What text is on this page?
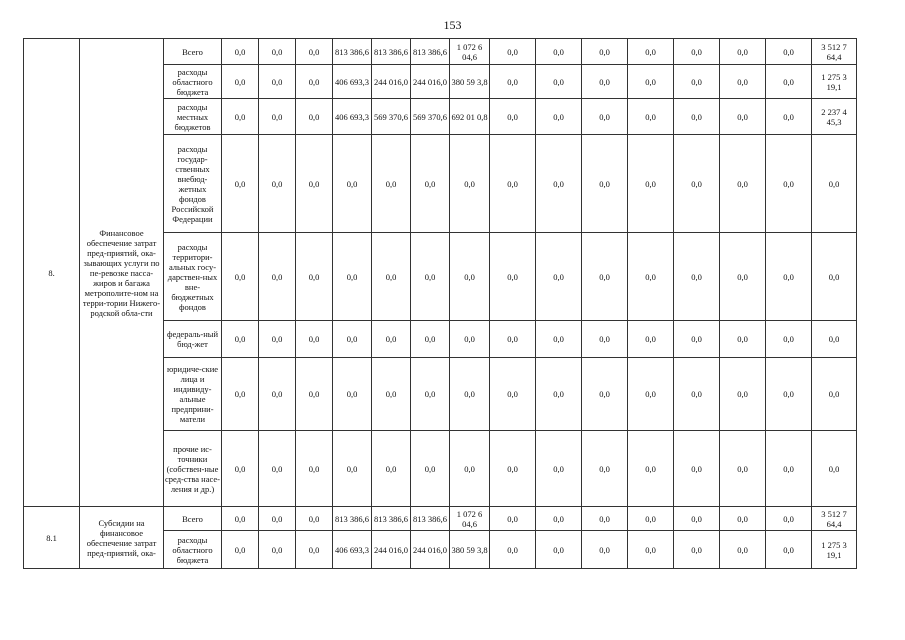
153
8.	Финансовое обеспечение затрат пред-приятий, ока-зывающих услуги по пе-ревозке пасса-жиров и багажа метрополите-ном на терри-тории Нижего-родской обла-сти	Всего	0,0	0,0	0,0	813 386,6	813 386,6	813 386,6	1 072 6 04,6	0,0	0,0	0,0	0,0	0,0	0,0	0,0	3 512 7 64,4
		расходы областного бюджета	0,0	0,0	0,0	406 693,3	244 016,0	244 016,0	380 59 3,8	0,0	0,0	0,0	0,0	0,0	0,0	0,0	1 275 3 19,1
		расходы местных бюджетов	0,0	0,0	0,0	406 693,3	569 370,6	569 370,6	692 01 0,8	0,0	0,0	0,0	0,0	0,0	0,0	0,0	2 237 4 45,3
		расходы государ-ственных внебюд-жетных фондов Российской Федерации	0,0	0,0	0,0	0,0	0,0	0,0	0,0	0,0	0,0	0,0	0,0	0,0	0,0	0,0	0,0
		расходы территори-альных госу-дарствен-ных вне-бюджетных фондов	0,0	0,0	0,0	0,0	0,0	0,0	0,0	0,0	0,0	0,0	0,0	0,0	0,0	0,0	0,0
		федераль-ный бюд-жет	0,0	0,0	0,0	0,0	0,0	0,0	0,0	0,0	0,0	0,0	0,0	0,0	0,0	0,0	0,0
		юридиче-ские лица и индивиду-альные предприни-матели	0,0	0,0	0,0	0,0	0,0	0,0	0,0	0,0	0,0	0,0	0,0	0,0	0,0	0,0	0,0
		прочие ис-точники (собствен-ные сред-ства насе-ления и др.)	0,0	0,0	0,0	0,0	0,0	0,0	0,0	0,0	0,0	0,0	0,0	0,0	0,0	0,0	0,0
8.1	Субсидии на финансовое обеспечение затрат пред-приятий, ока-	Всего	0,0	0,0	0,0	813 386,6	813 386,6	813 386,6	1 072 6 04,6	0,0	0,0	0,0	0,0	0,0	0,0	0,0	3 512 7 64,4
		расходы областного бюджета	0,0	0,0	0,0	406 693,3	244 016,0	244 016,0	380 59 3,8	0,0	0,0	0,0	0,0	0,0	0,0	0,0	1 275 3 19,1
